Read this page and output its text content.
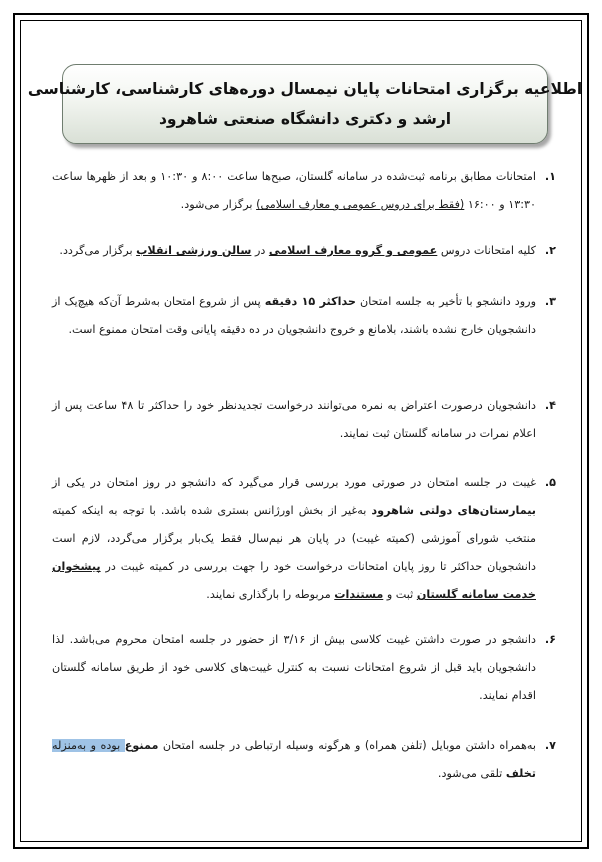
اطلاعیه برگزاری امتحانات پایان نیمسال دوره‌های کارشناسی، کارشناسی
ارشد و دکتری دانشگاه صنعتی شاهرود
۱.
امتحانات مطابق برنامه ثبت‌شده در سامانه گلستان، صبح‌ها ساعت ۸:۰۰ و ۱۰:۳۰ و بعد از ظهرها ساعت ۱۳:۳۰ و ۱۶:۰۰ (فقط برای دروس عمومی و معارف اسلامی) برگزار می‌شود.
۲.
کلیه امتحانات دروس عمومی و گروه معارف اسلامی در سالن ورزشی انقلاب برگزار می‌گردد.
۳.
ورود دانشجو با تأخیر به جلسه امتحان حداکثر ۱۵ دقیقه پس از شروع امتحان به‌شرط آن‌که هیچ‌یک از دانشجویان خارج نشده باشند، بلامانع و خروج دانشجویان در ده دقیقه پایانی وقت امتحان ممنوع است.
۴.
دانشجویان درصورت اعتراض به نمره می‌توانند درخواست تجدیدنظر خود را حداکثر تا ۴۸ ساعت پس از اعلام نمرات در سامانه گلستان ثبت نمایند.
۵.
غیبت در جلسه امتحان در صورتی مورد بررسی قرار می‌گیرد که دانشجو در روز امتحان در یکی از بیمارستان‌های دولتی شاهرود به‌غیر از بخش اورژانس بستری شده باشد. با توجه به اینکه کمیته منتخب شورای آموزشی (کمیته غیبت) در پایان هر نیم‌سال فقط یک‌بار برگزار می‌گردد، لازم است دانشجویان حداکثر تا روز پایان امتحانات درخواست خود را جهت بررسی در کمیته غیبت در پیشخوان خدمت سامانه گلستان ثبت و مستندات مربوطه را بارگذاری نمایند.
۶.
دانشجو در صورت داشتن غیبت کلاسی بیش از ۳/۱۶ از حضور در جلسه امتحان محروم می‌باشد. لذا دانشجویان باید قبل از شروع امتحانات نسبت به کنترل غیبت‌های کلاسی خود از طریق سامانه گلستان اقدام نمایند.
۷.
به‌همراه داشتن موبایل (تلفن همراه) و هرگونه وسیله ارتباطی در جلسه امتحان ممنوع بوده و به‌منزله تخلف تلقی می‌شود.
